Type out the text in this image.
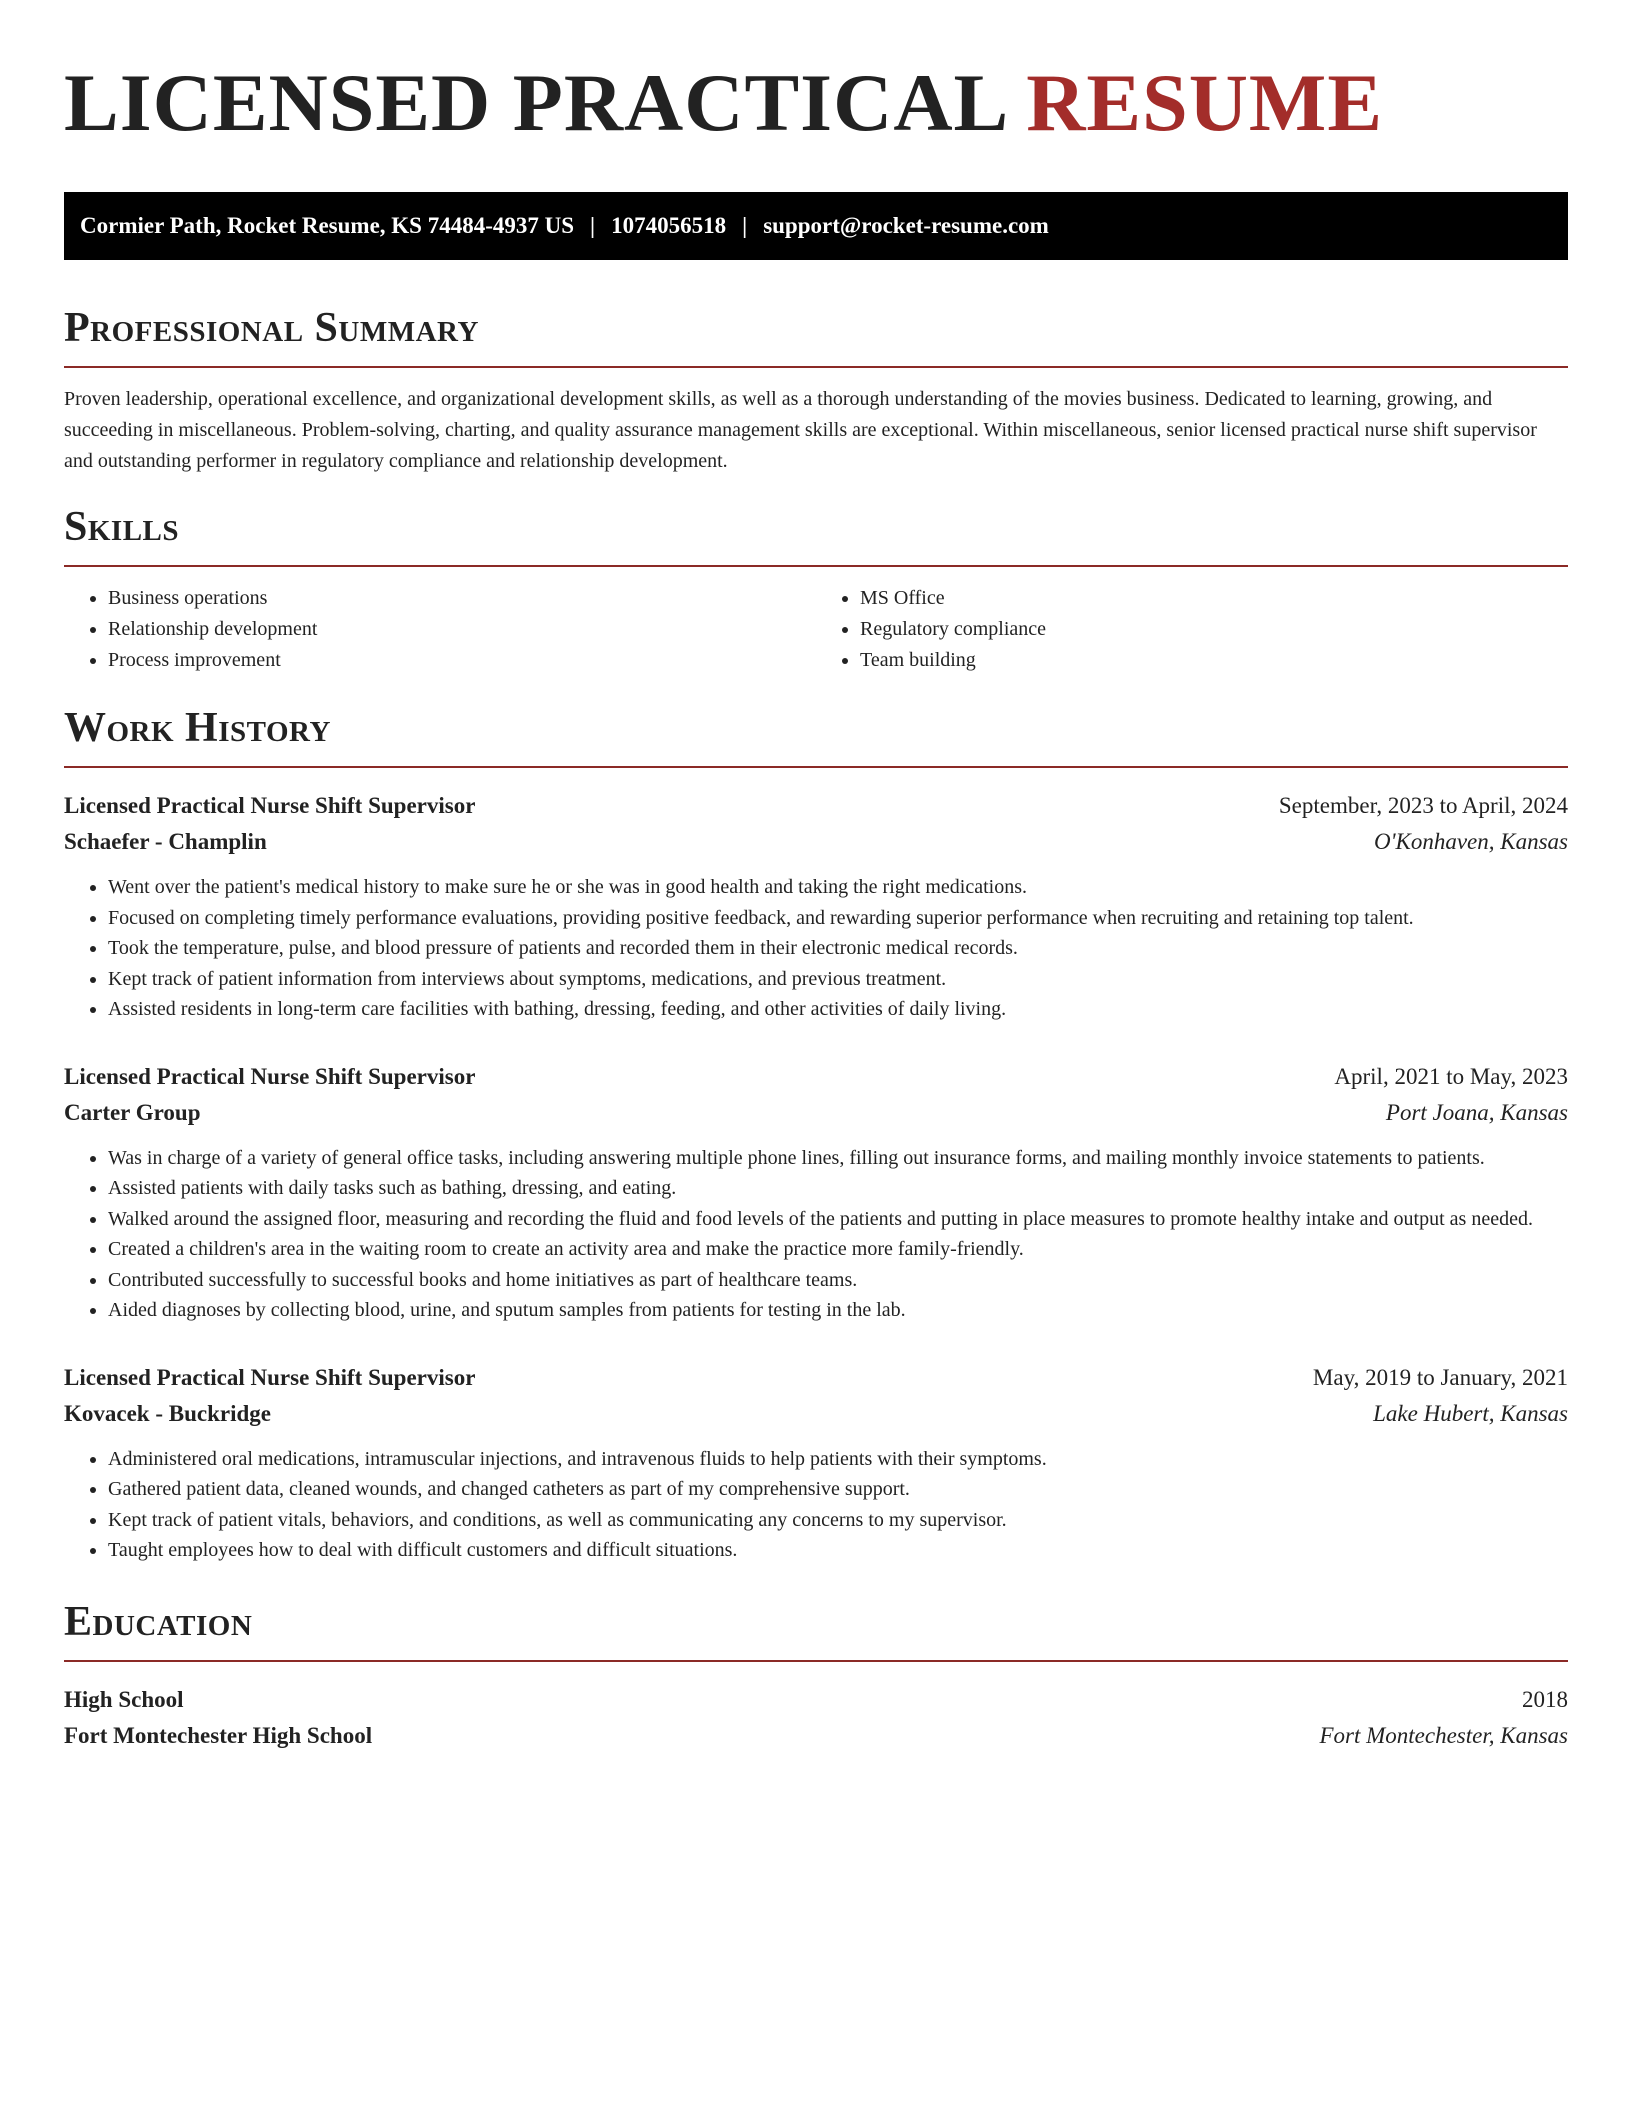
LICENSED PRACTICAL RESUME
Cormier Path, Rocket Resume, KS 74484-4937 US | 1074056518 | support@rocket-resume.com
Professional Summary

Proven leadership, operational excellence, and organizational development skills, as well as a thorough understanding of the movies business. Dedicated to learning, growing, and succeeding in miscellaneous. Problem-solving, charting, and quality assurance management skills are exceptional. Within miscellaneous, senior licensed practical nurse shift supervisor and outstanding performer in regulatory compliance and relationship development.

Skills
• Business operations
• Relationship development
• Process improvement
• MS Office
• Regulatory compliance
• Team building
Work History
Licensed Practical Nurse Shift Supervisor	September, 2023 to April, 2024
Schaefer - Champlin	O'Konhaven, Kansas
• Went over the patient's medical history to make sure he or she was in good health and taking the right medications.
• Focused on completing timely performance evaluations, providing positive feedback, and rewarding superior performance when recruiting and retaining top talent.
• Took the temperature, pulse, and blood pressure of patients and recorded them in their electronic medical records.
• Kept track of patient information from interviews about symptoms, medications, and previous treatment.
• Assisted residents in long-term care facilities with bathing, dressing, feeding, and other activities of daily living.
Licensed Practical Nurse Shift Supervisor	April, 2021 to May, 2023
Carter Group	Port Joana, Kansas
• Was in charge of a variety of general office tasks, including answering multiple phone lines, filling out insurance forms, and mailing monthly invoice statements to patients.
• Assisted patients with daily tasks such as bathing, dressing, and eating.
• Walked around the assigned floor, measuring and recording the fluid and food levels of the patients and putting in place measures to promote healthy intake and output as needed.
• Created a children's area in the waiting room to create an activity area and make the practice more family-friendly.
• Contributed successfully to successful books and home initiatives as part of healthcare teams.
• Aided diagnoses by collecting blood, urine, and sputum samples from patients for testing in the lab.
Licensed Practical Nurse Shift Supervisor	May, 2019 to January, 2021
Kovacek - Buckridge	Lake Hubert, Kansas
• Administered oral medications, intramuscular injections, and intravenous fluids to help patients with their symptoms.
• Gathered patient data, cleaned wounds, and changed catheters as part of my comprehensive support.
• Kept track of patient vitals, behaviors, and conditions, as well as communicating any concerns to my supervisor.
• Taught employees how to deal with difficult customers and difficult situations.
Education
High School	2018
Fort Montechester High School	Fort Montechester, Kansas
